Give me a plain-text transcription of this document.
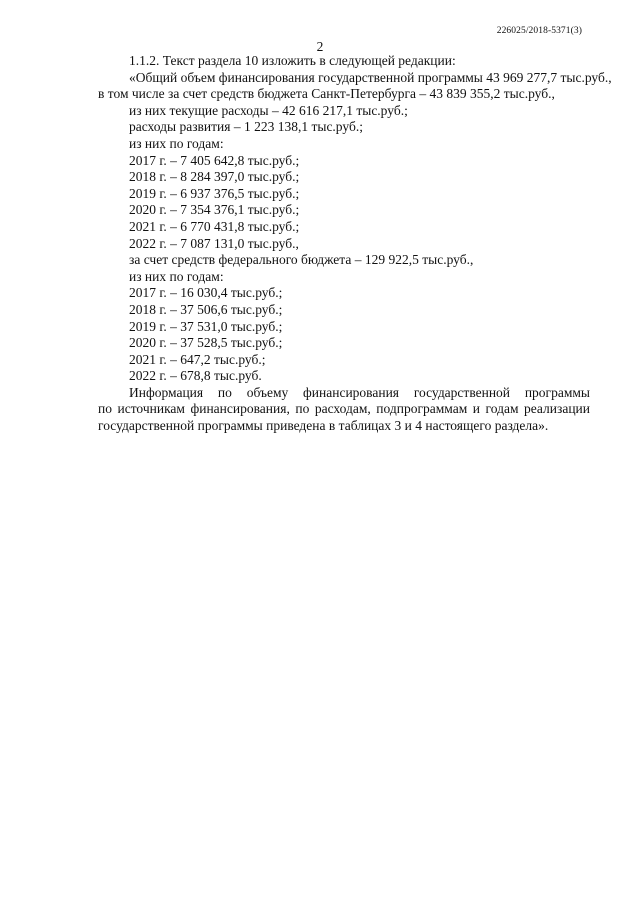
226025/2018-5371(3)
2
1.1.2. Текст раздела 10 изложить в следующей редакции:
«Общий объем финансирования государственной программы 43 969 277,7 тыс.руб.,
в том числе за счет средств бюджета Санкт-Петербурга – 43 839 355,2 тыс.руб.,
из них текущие расходы – 42 616 217,1 тыс.руб.;
расходы развития – 1 223 138,1 тыс.руб.;
из них по годам:
2017 г. – 7 405 642,8 тыс.руб.;
2018 г. – 8 284 397,0 тыс.руб.;
2019 г. – 6 937 376,5 тыс.руб.;
2020 г. – 7 354 376,1 тыс.руб.;
2021 г. – 6 770 431,8 тыс.руб.;
2022 г. – 7 087 131,0 тыс.руб.,
за счет средств федерального бюджета – 129 922,5 тыс.руб.,
из них по годам:
2017 г. – 16 030,4 тыс.руб.;
2018 г. – 37 506,6 тыс.руб.;
2019 г. – 37 531,0 тыс.руб.;
2020 г. – 37 528,5 тыс.руб.;
2021 г. – 647,2 тыс.руб.;
2022 г. – 678,8 тыс.руб.
Информация по объему финансирования государственной программы
по источникам финансирования, по расходам, подпрограммам и годам реализации
государственной программы приведена в таблицах 3 и 4 настоящего раздела».
